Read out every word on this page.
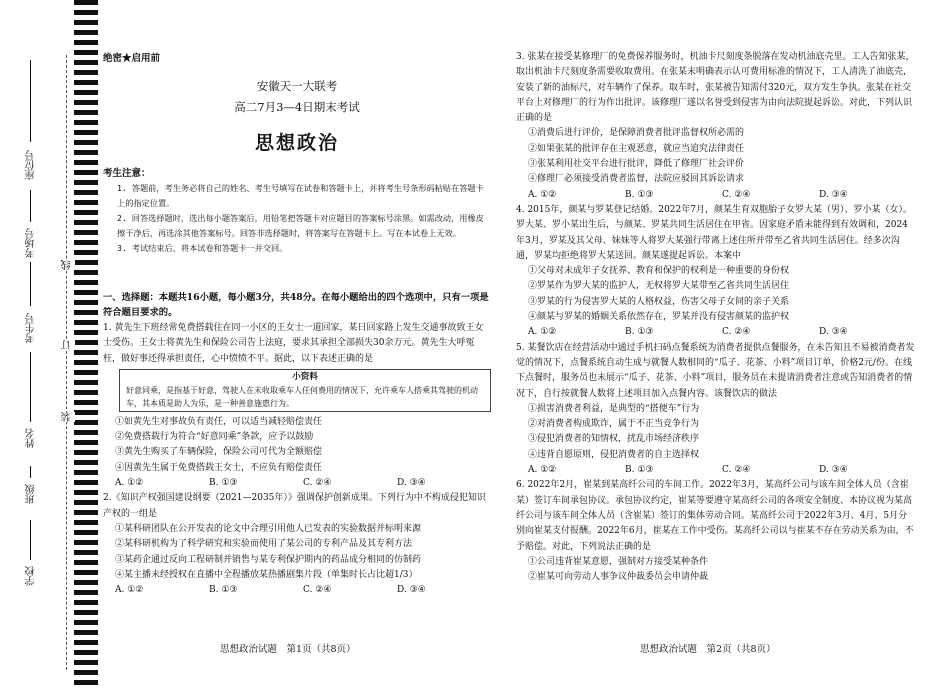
座位号
考场号
考生号
姓名
班级
学校
线
订
装
绝密★启用前
安徽天一大联考
高二7月3—4日期末考试
思想政治
考生注意：
1. 答题前，考生务必将自己的姓名、考生号填写在试卷和答题卡上，并将考生号条形码粘贴在答题卡上的指定位置。
2. 回答选择题时，选出每小题答案后，用铅笔把答题卡对应题目的答案标号涂黑。如需改动，用橡皮擦干净后，再选涂其他答案标号。回答非选择题时，将答案写在答题卡上。写在本试卷上无效。
3. 考试结束后，将本试卷和答题卡一并交回。
一、选择题：本题共16小题，每小题3分，共48分。在每小题给出的四个选项中，只有一项是符合题目要求的。
1. 黄先生下班经常免费搭载住在同一小区的王女士一道回家，某日回家路上发生交通事故致王女士受伤。王女士将黄先生和保险公司告上法庭，要求其承担全部损失30余万元。黄先生大呼冤枉，做好事还得承担责任，心中愤愤不平。据此，以下表述正确的是
小资料
好意同乘，是指基于好意，驾驶人在未收取乘车人任何费用的情况下，允许乘车人搭乘其驾驶的机动车，其本质是助人为乐，是一种善意施惠行为。
①如黄先生对事故负有责任，可以适当减轻赔偿责任
②免费搭载行为符合“好意同乘”条款，应予以鼓励
③黄先生购买了车辆保险，保险公司可代为全额赔偿
④因黄先生属于免费搭载王女士，不应负有赔偿责任
A. ①②	B. ①③	C. ②④	D. ③④
2.《知识产权强国建设纲要（2021—2035年）》强调保护创新成果。下列行为中不构成侵犯知识产权的一组是
①某科研团队在公开发表的论文中合理引用他人已发表的实验数据并标明来源
②某科研机构为了科学研究和实验而使用了某公司的专利产品及其专利方法
③某药企通过反向工程研制并销售与某专利保护期内的药品成分相同的仿制药
④某主播未经授权在直播中全程播放某热播剧集片段（单集时长占比超1/3）
A. ①②	B. ①③	C. ②④	D. ③④
3. 张某在接受某修理厂的免费保养服务时，机油卡尺刻度条脱落在发动机油底壳里。工人告知张某，取出机油卡尺刻度条需要收取费用。在张某未明确表示认可费用标准的情况下，工人清洗了油底壳，安装了新的油标尺，对车辆作了保养。取车时，张某被告知需付320元，双方发生争执。张某在社交平台上对修理厂的行为作出批评。该修理厂遂以名誉受到侵害为由向法院提起诉讼。对此，下列认识正确的是
①消费后进行评价，是保障消费者批评监督权所必需的
②如果张某的批评存在主观恶意，就应当追究法律责任
③张某利用社交平台进行批评，降低了修理厂社会评价
④修理厂必须接受消费者监督，法院应驳回其诉讼请求
A. ①②	B. ①③	C. ②④	D. ③④
4. 2015年，颜某与罗某登记结婚。2022年7月，颜某生育双胞胎子女罗大某（男）、罗小某（女）。罗大某、罗小某出生后，与颜某、罗某共同生活居住在甲省。因家庭矛盾未能得到有效调和，2024年3月，罗某及其父母、妹妹等人将罗大某强行带离上述住所并带至乙省共同生活居住。经多次沟通，罗某均拒绝将罗大某送回。颜某遂提起诉讼。本案中
①父母对未成年子女抚养、教育和保护的权利是一种重要的身份权
②罗某作为罗大某的监护人，无权将罗大某带至乙省共同生活居住
③罗某的行为侵害罗大某的人格权益，伤害父母子女间的亲子关系
④颜某与罗某的婚姻关系依然存在，罗某并没有侵害颜某的监护权
A. ①②	B. ①③	C. ②④	D. ③④
5. 某餐饮店在经营活动中通过手机扫码点餐系统为消费者提供点餐服务，在未告知且不易被消费者发觉的情况下，点餐系统自动生成与就餐人数相同的“瓜子、花茶、小料”项目订单，价格2元/份。在线下点餐时，服务员也未展示“瓜子、花茶、小料”项目，服务员在未提请消费者注意或告知消费者的情况下，自行按就餐人数将上述项目加入点餐内容。该餐饮店的做法
①损害消费者利益，是典型的“搭便车”行为
②对消费者构成欺诈，属于不正当竞争行为
③侵犯消费者的知情权，扰乱市场经济秩序
④违背自愿原则，侵犯消费者的自主选择权
A. ①②	B. ①③	C. ②④	D. ③④
6. 2022年2月，崔某到某高纤公司的车间工作。2022年3月，某高纤公司与该车间全体人员（含崔某）签订车间承包协议。承包协议约定，崔某等要遵守某高纤公司的各项安全制度、本协议视为某高纤公司与该车间全体人员（含崔某）签订的集体劳动合同。某高纤公司于2022年3月、4月、5月分别向崔某支付报酬。2022年6月，崔某在工作中受伤。某高纤公司以与崔某不存在劳动关系为由，不予赔偿。对此，下列说法正确的是
①公司违背崔某意愿，强制对方接受某种条件
②崔某可向劳动人事争议仲裁委员会申请仲裁
思想政治试题　第1页（共8页）	思想政治试题　第2页（共8页）
